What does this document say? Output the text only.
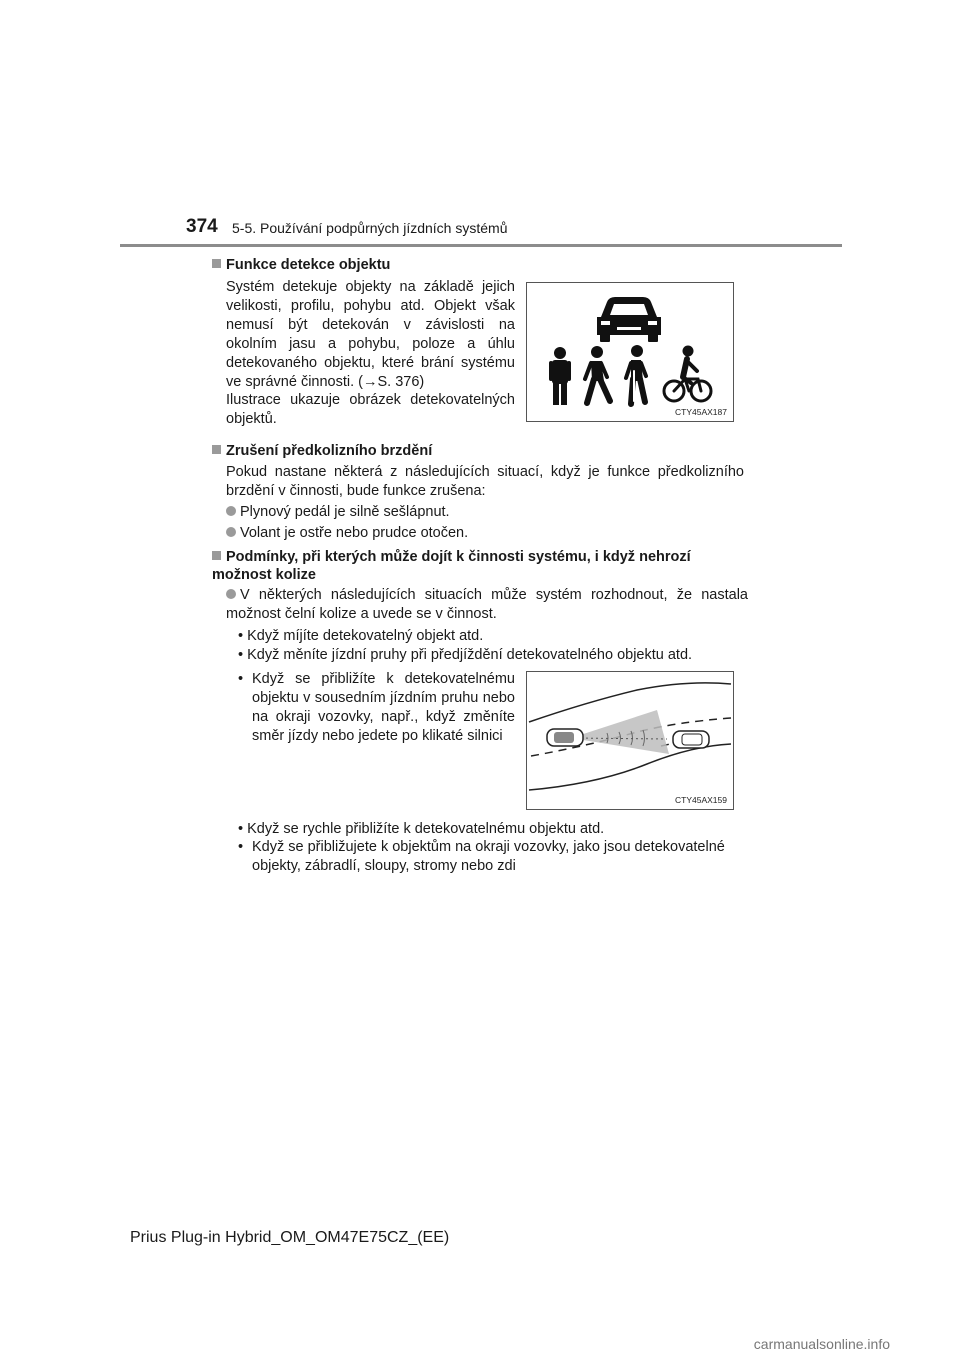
374 5-5. Používání podpůrných jízdních systémů
Funkce detekce objektu
Systém detekuje objekty na základě jejich velikosti, profilu, pohybu atd. Objekt však nemusí být detekován v závislosti na okolním jasu a pohybu, poloze a úhlu detekovaného objektu, které brání systému ve správné činnosti. (→S. 376)
Ilustrace ukazuje obrázek detekovatelných objektů.	CTY45AX187
Zrušení předkolizního brzdění
Pokud nastane některá z následujících situací, když je funkce předkolizního brzdění v činnosti, bude funkce zrušena:
Plynový pedál je silně sešlápnut.
Volant je ostře nebo prudce otočen.
Podmínky, při kterých může dojít k činnosti systému, i když nehrozí možnost kolize
V některých následujících situacích může systém rozhodnout, že nastala možnost čelní kolize a uvede se v činnost.
• Když míjíte detekovatelný objekt atd.
• Když měníte jízdní pruhy při předjíždění detekovatelného objektu atd.
• Když se přibližíte k detekovatelnému objektu v sousedním jízdním pruhu nebo na okraji vozovky, např., když změníte směr jízdy nebo jedete po klikaté silnici
CTY45AX159
• Když se rychle přibližíte k detekovatelnému objektu atd.
• Když se přibližujete k objektům na okraji vozovky, jako jsou detekovatelné objekty, zábradlí, sloupy, stromy nebo zdi
Prius Plug-in Hybrid_OM_OM47E75CZ_(EE)
carmanualsonline.info
